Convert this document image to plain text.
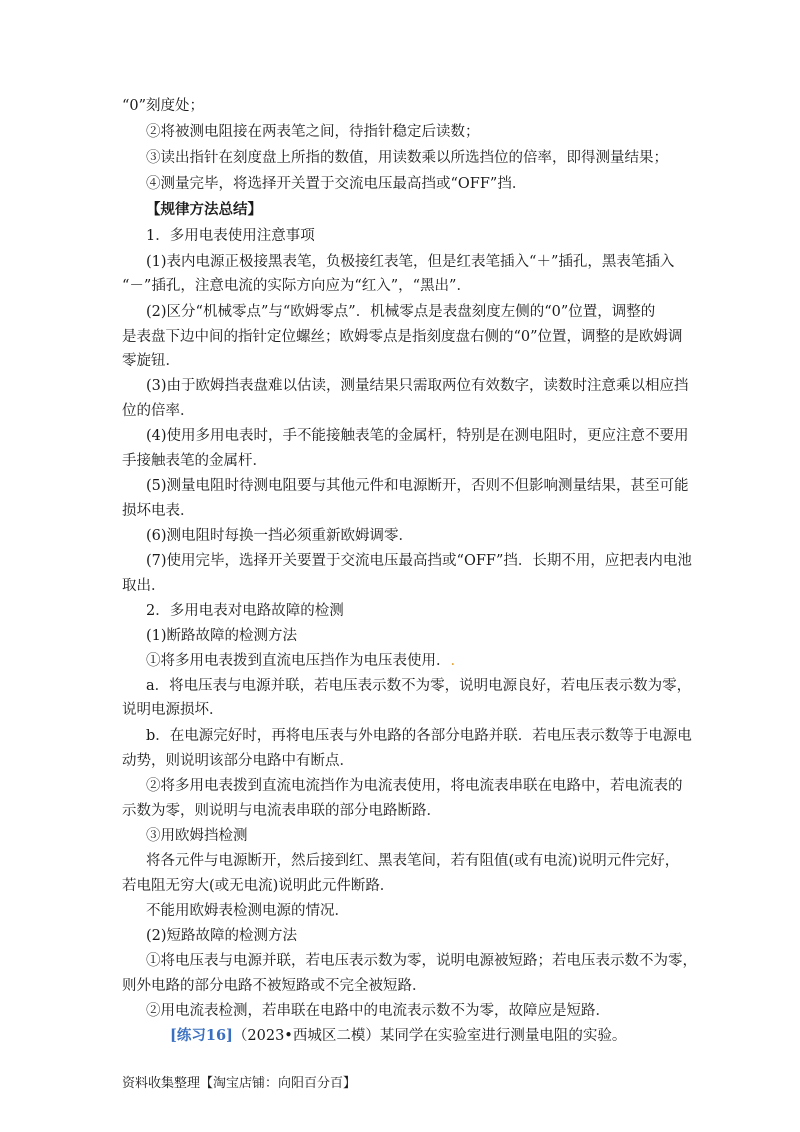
“0”刻度处；
②将被测电阻接在两表笔之间，待指针稳定后读数；
③读出指针在刻度盘上所指的数值，用读数乘以所选挡位的倍率，即得测量结果；
④测量完毕，将选择开关置于交流电压最高挡或“OFF”挡．
【规律方法总结】
1．多用电表使用注意事项
(1)表内电源正极接黑表笔，负极接红表笔，但是红表笔插入“＋”插孔，黑表笔插入
“－”插孔，注意电流的实际方向应为“红入”，“黑出”．
(2)区分“机械零点”与“欧姆零点”．机械零点是表盘刻度左侧的“0”位置，调整的
是表盘下边中间的指针定位螺丝；欧姆零点是指刻度盘右侧的“0”位置，调整的是欧姆调
零旋钮．
(3)由于欧姆挡表盘难以估读，测量结果只需取两位有效数字，读数时注意乘以相应挡
位的倍率．
(4)使用多用电表时，手不能接触表笔的金属杆，特别是在测电阻时，更应注意不要用
手接触表笔的金属杆．
(5)测量电阻时待测电阻要与其他元件和电源断开，否则不但影响测量结果，甚至可能
损坏电表．
(6)测电阻时每换一挡必须重新欧姆调零．
(7)使用完毕，选择开关要置于交流电压最高挡或“OFF”挡．长期不用，应把表内电池
取出．
2．多用电表对电路故障的检测
(1)断路故障的检测方法
①将多用电表拨到直流电压挡作为电压表使用．.
a．将电压表与电源并联，若电压表示数不为零，说明电源良好，若电压表示数为零，
说明电源损坏．
b．在电源完好时，再将电压表与外电路的各部分电路并联．若电压表示数等于电源电
动势，则说明该部分电路中有断点．
②将多用电表拨到直流电流挡作为电流表使用，将电流表串联在电路中，若电流表的
示数为零，则说明与电流表串联的部分电路断路．
③用欧姆挡检测
将各元件与电源断开，然后接到红、黑表笔间，若有阻值(或有电流)说明元件完好，
若电阻无穷大(或无电流)说明此元件断路．
不能用欧姆表检测电源的情况．
(2)短路故障的检测方法
①将电压表与电源并联，若电压表示数为零，说明电源被短路；若电压表示数不为零，
则外电路的部分电路不被短路或不完全被短路．
②用电流表检测，若串联在电路中的电流表示数不为零，故障应是短路．
[练习16]（2023•西城区二模）某同学在实验室进行测量电阻的实验。
资料收集整理【淘宝店铺：向阳百分百】
